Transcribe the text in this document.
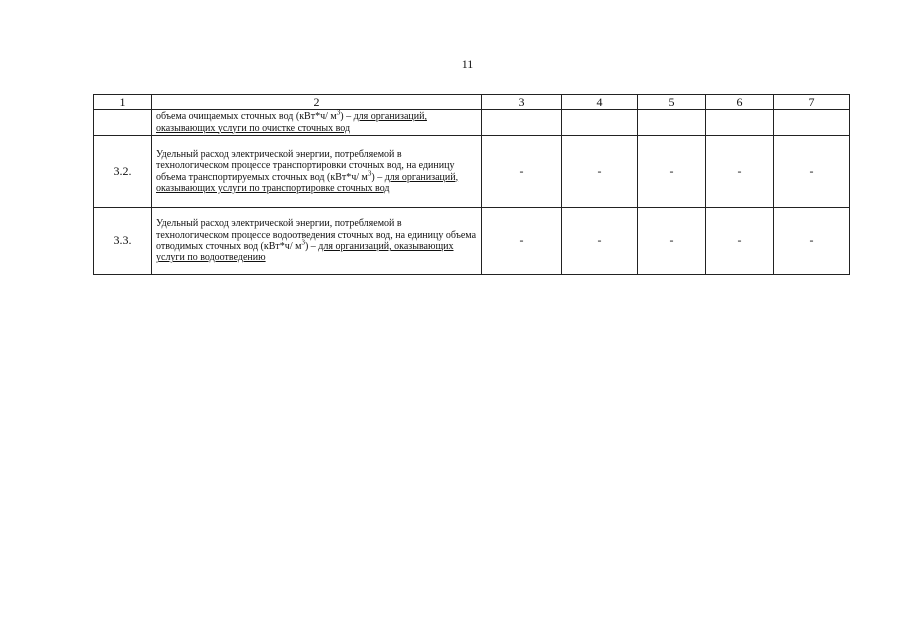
11
1	2	3	4	5	6	7
	объема очищаемых сточных вод (кВт*ч/ $м^3$) – для организаций, оказывающих услуги по очистке сточных вод					
3.2.	Удельный расход электрической энергии, потребляемой в технологическом процессе транспортировки сточных вод, на единицу объема транспортируемых сточных вод (кВт*ч/ $м^3$) – для организаций, оказывающих услуги по транспортировке сточных вод	-	-	-	-	-
3.3.	Удельный расход электрической энергии, потребляемой в технологическом процессе водоотведения сточных вод, на единицу объема отводимых сточных вод (кВт*ч/ $м^3$) – для организаций, оказывающих услуги по водоотведению	-	-	-	-	-
